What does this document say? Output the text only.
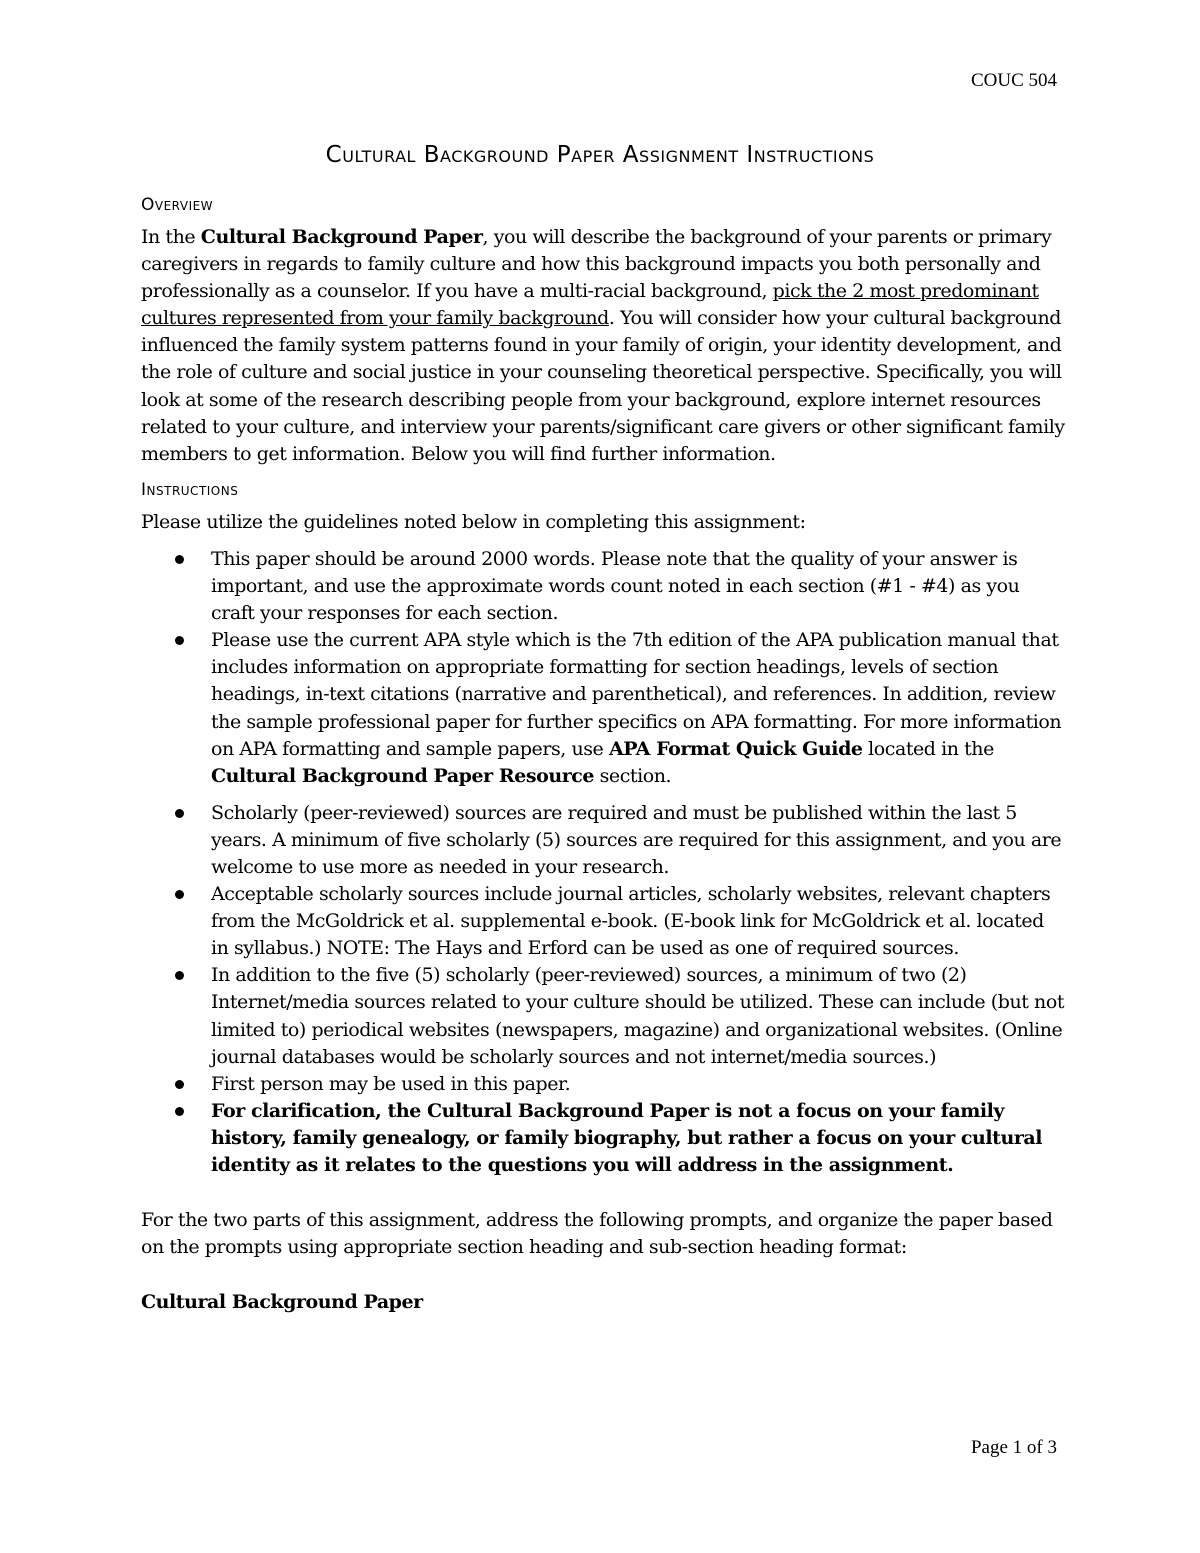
COUC 504
Cultural Background Paper Assignment Instructions
Overview

In the Cultural Background Paper, you will describe the background of your parents or primary caregivers in regards to family culture and how this background impacts you both personally and professionally as a counselor. If you have a multi-racial background, pick the 2 most predominant cultures represented from your family background. You will consider how your cultural background influenced the family system patterns found in your family of origin, your identity development, and the role of culture and social justice in your counseling theoretical perspective. Specifically, you will look at some of the research describing people from your background, explore internet resources related to your culture, and interview your parents/significant care givers or other significant family members to get information. Below you will find further information.

Instructions

Please utilize the guidelines noted below in completing this assignment:

This paper should be around 2000 words. Please note that the quality of your answer is important, and use the approximate words count noted in each section (#1 - #4) as you craft your responses for each section.
Please use the current APA style which is the 7th edition of the APA publication manual that includes information on appropriate formatting for section headings, levels of section headings, in-text citations (narrative and parenthetical), and references. In addition, review the sample professional paper for further specifics on APA formatting. For more information on APA formatting and sample papers, use APA Format Quick Guide located in the Cultural Background Paper Resource section.
Scholarly (peer-reviewed) sources are required and must be published within the last 5 years. A minimum of five scholarly (5) sources are required for this assignment, and you are welcome to use more as needed in your research.
Acceptable scholarly sources include journal articles, scholarly websites, relevant chapters from the McGoldrick et al. supplemental e-book. (E-book link for McGoldrick et al. located in syllabus.) NOTE: The Hays and Erford can be used as one of required sources.
In addition to the five (5) scholarly (peer-reviewed) sources, a minimum of two (2) Internet/media sources related to your culture should be utilized. These can include (but not limited to) periodical websites (newspapers, magazine) and organizational websites. (Online journal databases would be scholarly sources and not internet/media sources.)
First person may be used in this paper.
For clarification, the Cultural Background Paper is not a focus on your family history, family genealogy, or family biography, but rather a focus on your cultural identity as it relates to the questions you will address in the assignment.

For the two parts of this assignment, address the following prompts, and organize the paper based on the prompts using appropriate section heading and sub-section heading format:

Cultural Background Paper

Page 1 of 3
